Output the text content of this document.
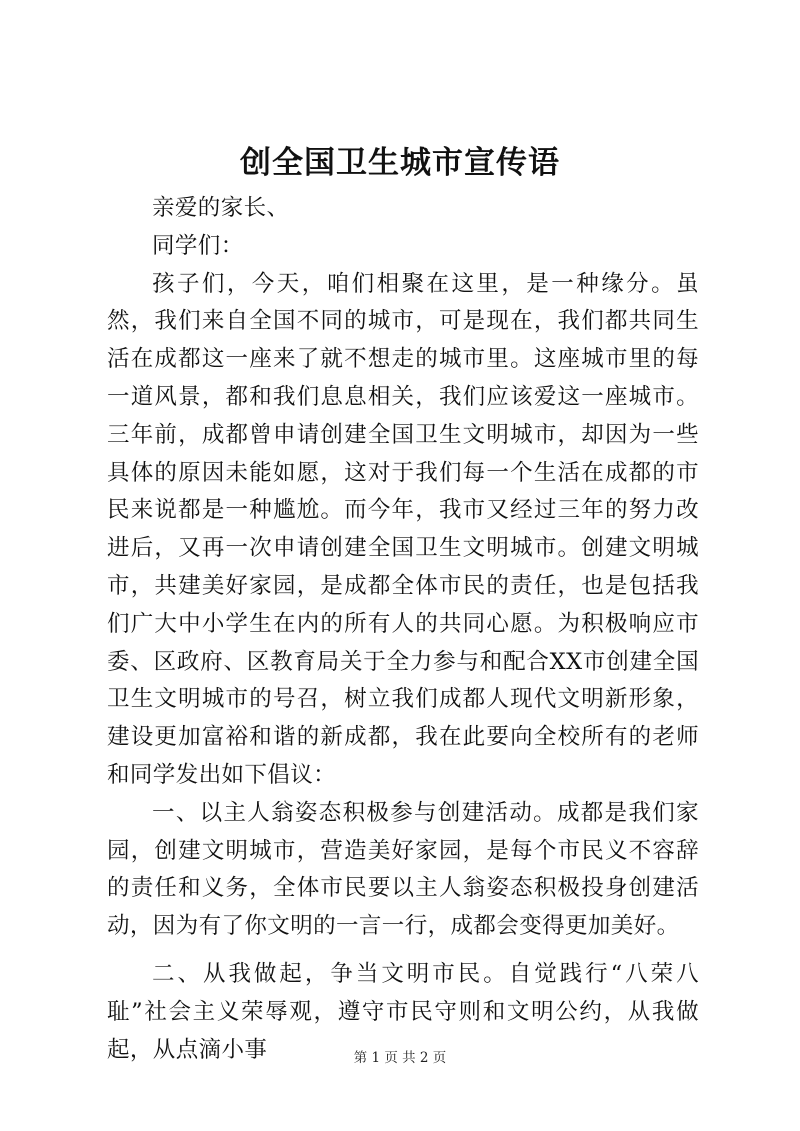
创全国卫生城市宣传语

亲爱的家长、

同学们：

孩子们，今天，咱们相聚在这里，是一种缘分。虽然，我们来自全国不同的城市，可是现在，我们都共同生活在成都这一座来了就不想走的城市里。这座城市里的每一道风景，都和我们息息相关，我们应该爱这一座城市。三年前，成都曾申请创建全国卫生文明城市，却因为一些具体的原因未能如愿，这对于我们每一个生活在成都的市民来说都是一种尴尬。而今年，我市又经过三年的努力改进后，又再一次申请创建全国卫生文明城市。创建文明城市，共建美好家园，是成都全体市民的责任，也是包括我们广大中小学生在内的所有人的共同心愿。为积极响应市委、区政府、区教育局关于全力参与和配合XX市创建全国卫生文明城市的号召，树立我们成都人现代文明新形象，建设更加富裕和谐的新成都，我在此要向全校所有的老师和同学发出如下倡议：

一、以主人翁姿态积极参与创建活动。成都是我们家园，创建文明城市，营造美好家园，是每个市民义不容辞的责任和义务，全体市民要以主人翁姿态积极投身创建活动，因为有了你文明的一言一行，成都会变得更加美好。

二、从我做起，争当文明市民。自觉践行“八荣八耻”社会主义荣辱观，遵守市民守则和文明公约，从我做起，从点滴小事	第 1 页 共 2 页
